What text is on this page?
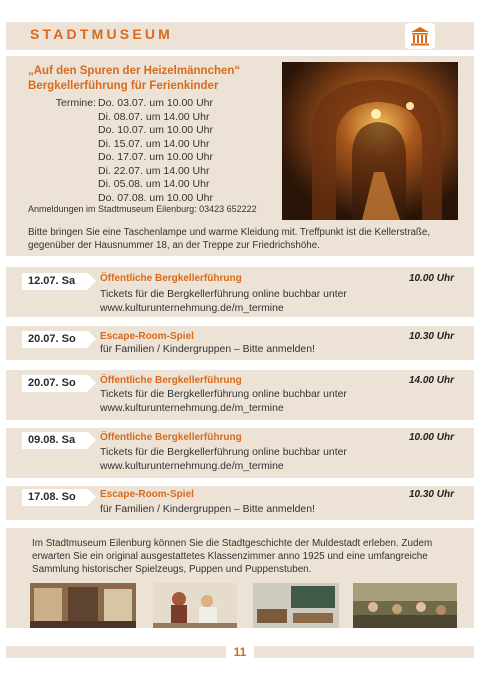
STADTMUSEUM
„Auf den Spuren der Heizelmännchen“
Bergkellerführung für Ferienkinder
Termine: Do. 03.07. um 10.00 Uhr
Di. 08.07. um 14.00 Uhr
Do. 10.07. um 10.00 Uhr
Di. 15.07. um 14.00 Uhr
Do. 17.07. um 10.00 Uhr
Di. 22.07. um 14.00 Uhr
Di. 05.08. um 14.00 Uhr
Do. 07.08. um 10.00 Uhr
Anmeldungen im Stadtmuseum Eilenburg: 03423 652222
Bitte bringen Sie eine Taschenlampe und warme Kleidung mit. Treffpunkt ist die Kellerstraße, gegenüber der Hausnummer 18, an der Treppe zur Friedrichshöhe.
12.07. Sa	Öffentliche Bergkellerführung	10.00 Uhr
Tickets für die Bergkellerführung online buchbar unter
www.kulturunternehmung.de/m_termine
20.07. So	Escape-Room-Spiel	10.30 Uhr
für Familien / Kindergruppen – Bitte anmelden!
20.07. So	Öffentliche Bergkellerführung	14.00 Uhr
Tickets für die Bergkellerführung online buchbar unter
www.kulturunternehmung.de/m_termine
09.08. Sa	Öffentliche Bergkellerführung	10.00 Uhr
Tickets für die Bergkellerführung online buchbar unter
www.kulturunternehmung.de/m_termine
17.08. So	Escape-Room-Spiel	10.30 Uhr
für Familien / Kindergruppen – Bitte anmelden!
Im Stadtmuseum Eilenburg können Sie die Stadtgeschichte der Muldestadt erleben. Zudem erwarten Sie ein original ausgestattetes Klassenzimmer anno 1925 und eine umfangreiche Sammlung historischer Spielzeugs, Puppen und Puppenstuben.
11
